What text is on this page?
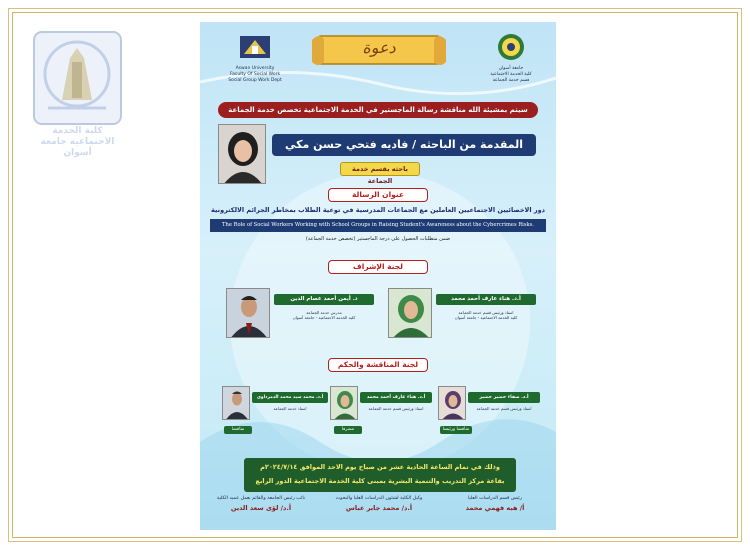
كلية الخدمة الاجتماعية جامعة أسوان
Aswan University
Faculty Of Social Work
Social Group Work Dept
دعوة
جامعة أسوان
كلية الخدمة الاجتماعية
قسم خدمة الجماعة
سيتم بمشيئة الله مناقشة رسالة الماجستير في الخدمة الاجتماعية تخصص خدمة الجماعة
المقدمة من الباحثه / فاديه فتحي حسن مكي
باحثه بقسم خدمة الجماعة
عنوان الرسالة
دور الاخصائيين الاجتماعيين العاملين مع الجماعات المدرسية في توعية الطلاب بمخاطر الجرائم الالكترونية
The Role of Social Workers Working with School Groups in Raising Student's Awareness about the Cybercrimes Risks.
ضمن متطلبات الحصول على درجة الماجستير (تخصص خدمة الجماعة)
لجنة الإشراف
أ.د. هناء عارف أحمد محمد
استاذ ورئيس قسم خدمة الجماعة
كلية الخدمة الاجتماعية - جامعة أسوان
د. أيمن أحمد عصام الدين
مدرس خدمة الجماعة
كلية الخدمة الاجتماعية - جامعة أسوان
لجنة المناقشة والحكم
أ.د. صفاء حضير حضير
استاذ ورئيس قسم خدمة الجماعة
مناقشا ورئيسا
أ.د. هناء عارف أحمد محمد
استاذ ورئيس قسم خدمة الجماعة
مشرفا
أ.د. محمد سيد محمد الدمرداوي
استاذ خدمة الجماعة
مناقشا
وذلك في تمام الساعة الحادية عشر من صباح يوم الاحد الموافق ٢٠٢٤/٧/١٤م
بقاعة مركز التدريب والتنمية البشرية بمبنى كلية الخدمة الاجتماعية الدور الرابع
رئيس قسم الدراسات العليا
أ/ هبه فهمي محمد
وكيل الكلية لشئون الدراسات العليا والبحوث
أ.د/ محمد جابر عباس
نائب رئيس الجامعة والقائم بعمل عميد الكلية
أ.د/ لؤى سعد الدين
